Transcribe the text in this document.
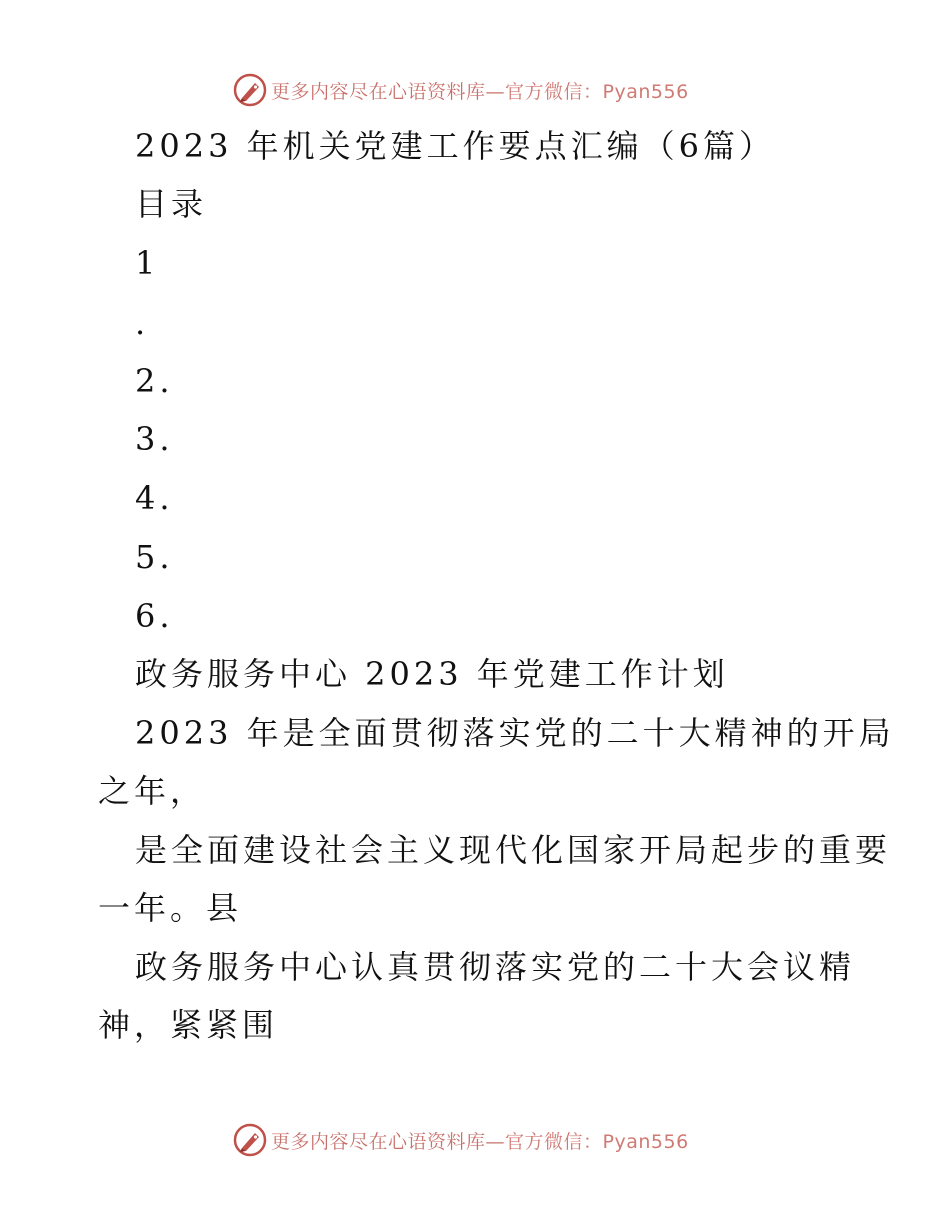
更多内容尽在心语资料库—官方微信：Pyan556
2023 年机关党建工作要点汇编（6篇）
目录
1
.
2.
3.
4.
5.
6.
政务服务中心 2023 年党建工作计划
2023 年是全面贯彻落实党的二十大精神的开局
之年，
是全面建设社会主义现代化国家开局起步的重要
一年。县
政务服务中心认真贯彻落实党的二十大会议精
神，紧紧围
更多内容尽在心语资料库—官方微信：Pyan556
